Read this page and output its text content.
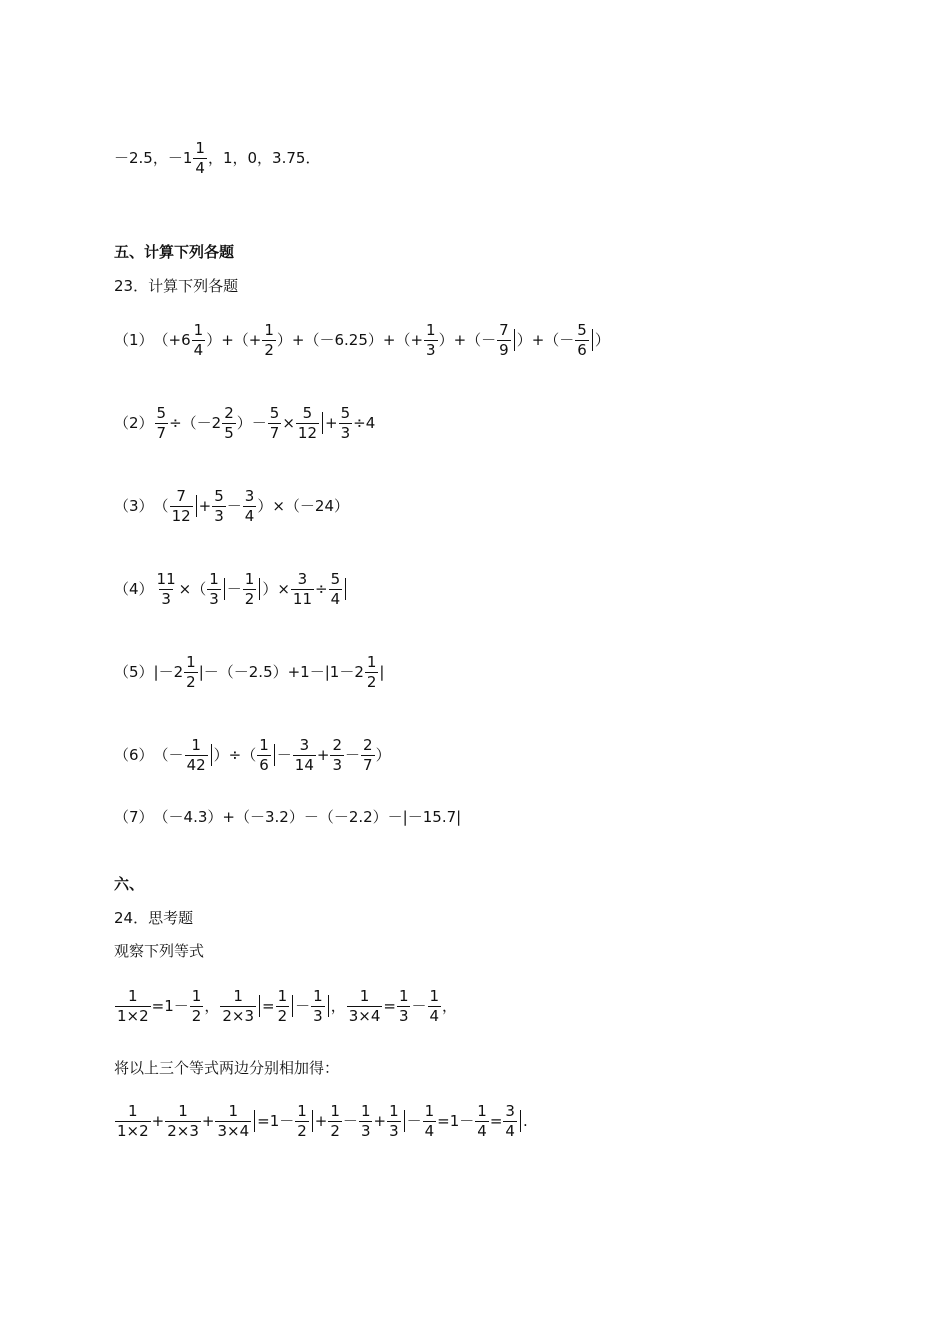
－2.5，$-1 \frac{1}{4}$ ，1，0，3.75．
五、计算下列各题
23．计算下列各题
（1） （$+6 \frac{1}{4}$ ）+（+ $\frac{1}{2} )+(-6.25)+(+ \frac{1}{3}$ ）+（－ $\frac{7}{9}$ ）+（－ $\frac{5}{6}$ ）
$(2) \frac{5}{7} \div(-2 \frac{2}{5}$ ）－ $\frac{5}{7} \times \frac{5}{12} + \frac{5}{3} \div 4$
（3） （ $\frac{7}{12} + \frac{5}{3} - \frac{3}{4} )\times(-24)$
$(4) \frac{11}{3}$ ×（ $\frac{1}{3} - \frac{1}{2}$ ）× $\frac{3}{11} \div \frac{5}{4}$
（5） $|-2 \frac{1}{2} |-(-2.5)+1-|1-2 \frac{1}{2}$ |
（6） （－ $\frac{1}{42}$ ）÷（ $\frac{1}{6} - \frac{3}{14} + \frac{2}{3} - \frac{2}{7}$ ）
（7） （－4.3）+（－3.2）－（－2.2）－|－15.7|
六、
24．思考题
观察下列等式
$\frac{1}{1\times 2} =1- \frac{1}{2}$ ， $\frac{1}{2\times 3} = \frac{1}{2} - \frac{1}{3}$ ， $\frac{1}{3\times 4} = \frac{1}{3} - \frac{1}{4}$ ，
将以上三个等式两边分别相加得：
$\frac{1}{1\times 2} + \frac{1}{2\times 3} + \frac{1}{3\times 4} =1- \frac{1}{2} + \frac{1}{2} - \frac{1}{3} + \frac{1}{3} - \frac{1}{4} =1- \frac{1}{4} = \frac{3}{4}$ .
